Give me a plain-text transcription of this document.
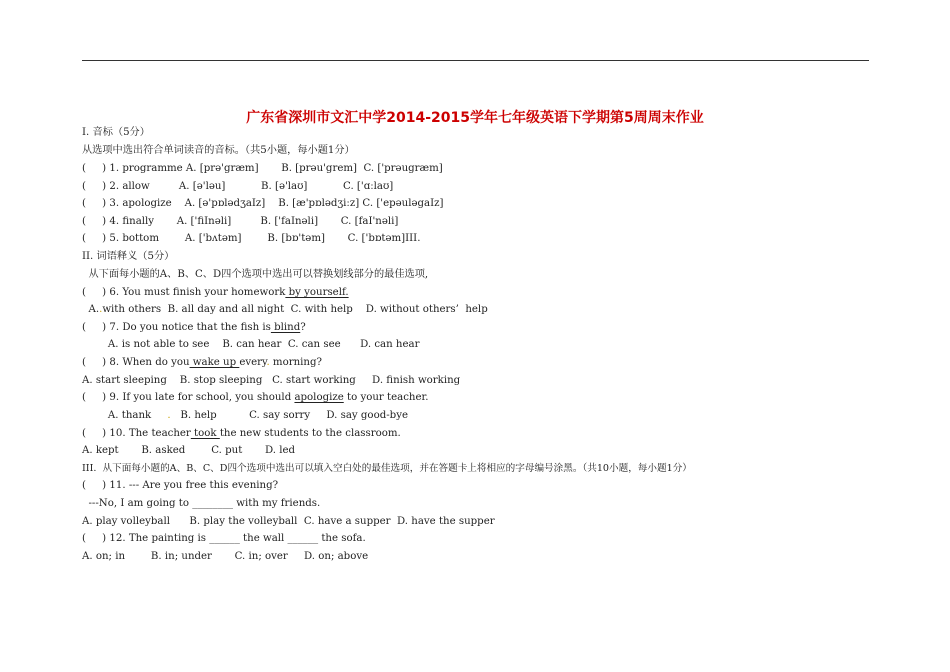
广东省深圳市文汇中学2014-2015学年七年级英语下学期第5周周末作业
Ⅰ. 音标（5分）
从选项中选出符合单词读音的音标。（共5小题，每小题1分）
(     ) 1. programme A. [prə'græm]       B. [prəu'grem]  C. ['prəugræm]
(     ) 2. allow         A. [ə'ləu]           B. [ə'laʊ]           C. ['ɑːlaʊ]
(     ) 3. apologize    A. [ə'pɒlədʒaIz]    B. [æ'pɒlədʒiːz] C. ['epəuləgaIz]
(     ) 4. finally       A. ['fiInəli]         B. ['faInəli]       C. [faI'nəli]
(     ) 5. bottom        A. ['bʌtəm]        B. [bɒ'təm]       C. ['bɒtəm]III.
II. 词语释义（5分）
从下面每小题的A、B、C、D四个选项中选出可以替换划线部分的最佳选项,
(     ) 6. You must finish your homework by yourself.
A..with others  B. all day and all night  C. with help    D. without others’  help
(     ) 7. Do you notice that the fish is blind?
A. is not able to see    B. can hear  C. can see      D. can hear
(     ) 8. When do you wake up every. morning?
A. start sleeping    B. stop sleeping   C. start working     D. finish working
(     ) 9. If you late for school, you should apologize to your teacher.
A. thank     .   B. help          C. say sorry     D. say good-bye
(     ) 10. The teacher took the new students to the classroom.
A. kept       B. asked        C. put       D. led
III.  从下面每小题的A、B、C、D四个选项中选出可以填入空白处的最佳选项，并在答题卡上将相应的字母编号涂黑。（共10小题，每小题1分）
(     ) 11. --- Are you free this evening?
---No, I am going to ________ with my friends.
A. play volleyball      B. play the volleyball  C. have a supper  D. have the supper
(     ) 12. The painting is ______ the wall ______ the sofa.
A. on; in        B. in; under       C. in; over     D. on; above
